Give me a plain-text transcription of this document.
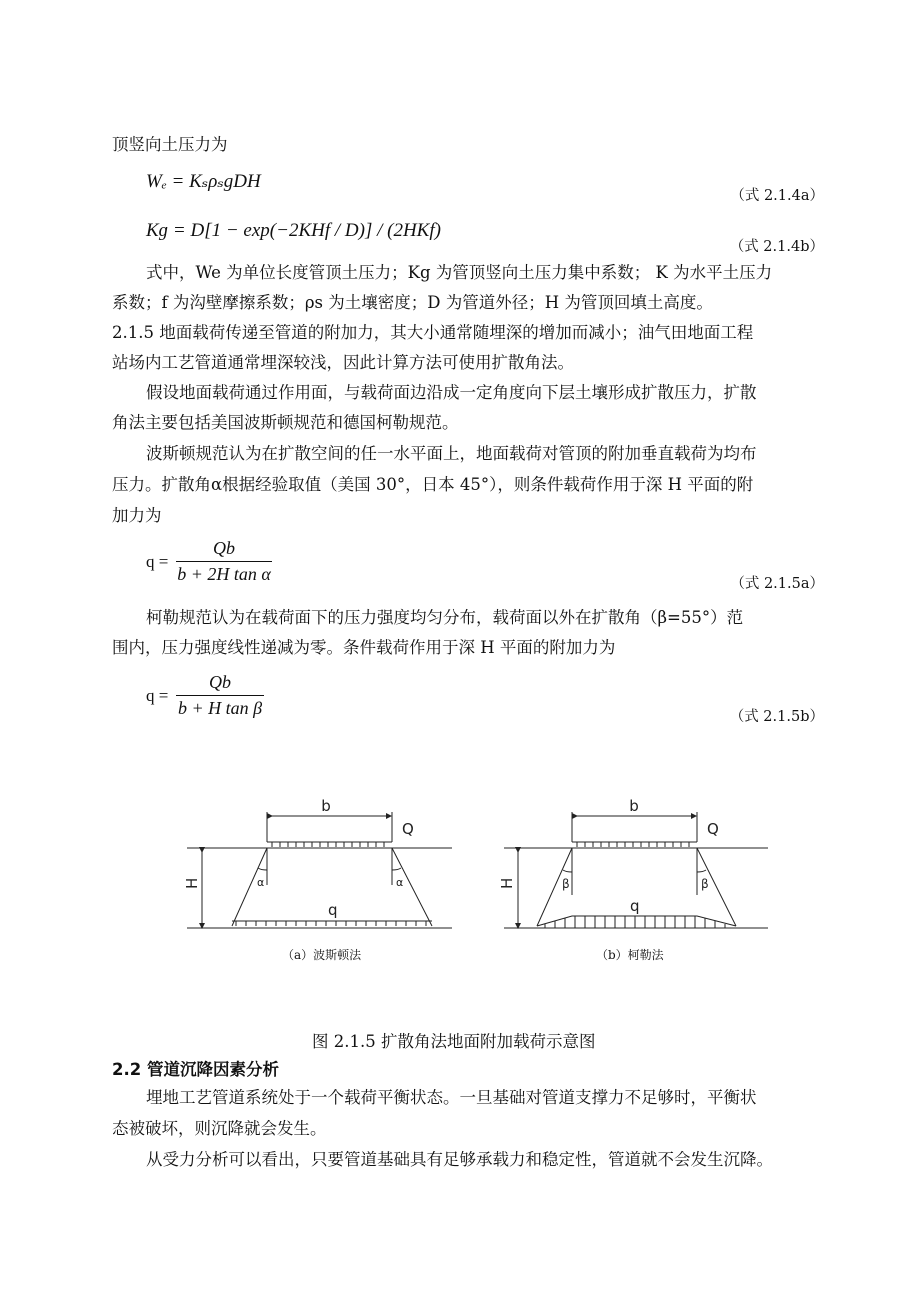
顶竖向土压力为
Wₑ = KₛρₛgDH
（式 2.1.4a）
Kɡ = D[1 − exp(−2KHf / D)] / (2HKf)
（式 2.1.4b）
式中，We 为单位长度管顶土压力；Kg 为管顶竖向土压力集中系数； K 为水平土压力
系数；f 为沟壁摩擦系数；ρs 为土壤密度；D 为管道外径；H 为管顶回填土高度。
2.1.5 地面载荷传递至管道的附加力，其大小通常随埋深的增加而减小；油气田地面工程
站场内工艺管道通常埋深较浅，因此计算方法可使用扩散角法。
假设地面载荷通过作用面，与载荷面边沿成一定角度向下层土壤形成扩散压力，扩散
角法主要包括美国波斯顿规范和德国柯勒规范。
波斯顿规范认为在扩散空间的任一水平面上，地面载荷对管顶的附加垂直载荷为均布
压力。扩散角α根据经验取值（美国 30°，日本 45°），则条件载荷作用于深 H 平面的附
加力为
$q = \frac{Qb}{\text{b + 2H tan α}}$	（式 2.1.5a）
柯勒规范认为在载荷面下的压力强度均匀分布，载荷面以外在扩散角（β=55°）范
围内，压力强度线性递减为零。条件载荷作用于深 H 平面的附加力为
$q = \frac{Qb}{\text{b + H tan β}}$	（式 2.1.5b）
b
Q
H
q
α	α
b
Q
H
q
β	β
（a）波斯顿法	（b）柯勒法
图 2.1.5 扩散角法地面附加载荷示意图
2.2 管道沉降因素分析
埋地工艺管道系统处于一个载荷平衡状态。一旦基础对管道支撑力不足够时，平衡状
态被破坏，则沉降就会发生。
从受力分析可以看出，只要管道基础具有足够承载力和稳定性，管道就不会发生沉降。
